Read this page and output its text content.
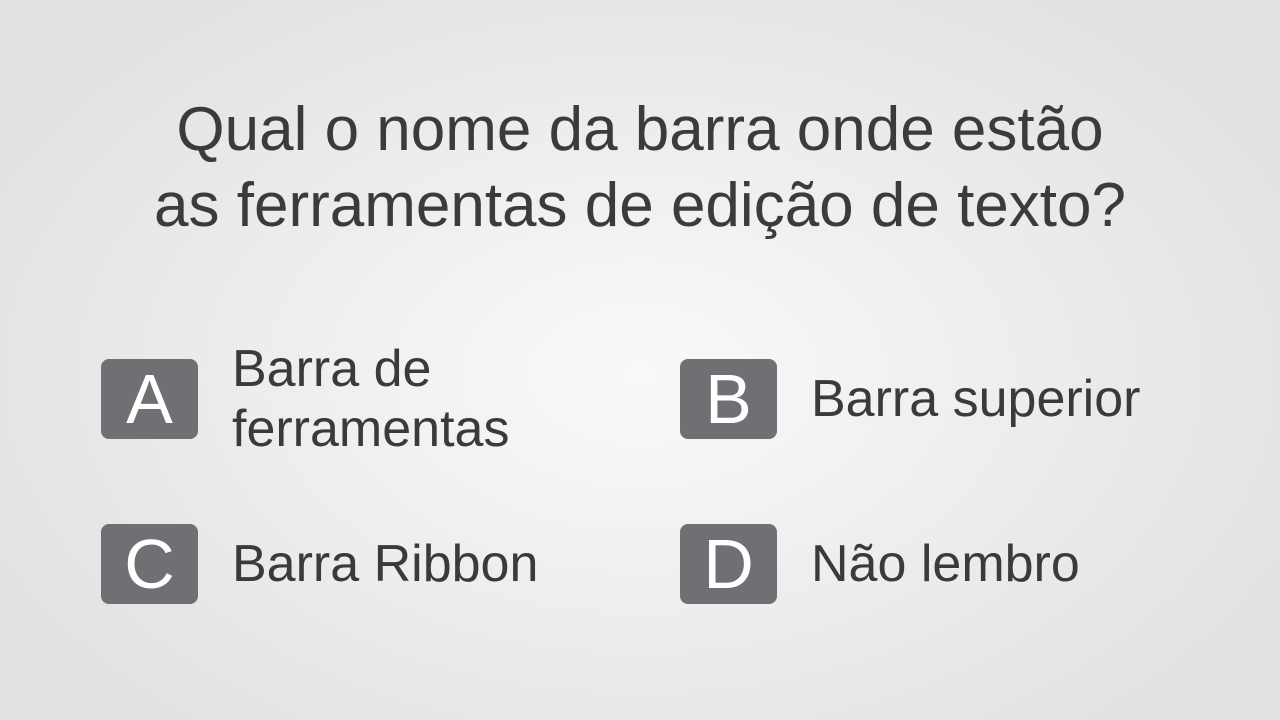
Qual o nome da barra onde estão
as ferramentas de edição de texto?
A	Barra de
ferramentas	B	Barra superior
C	Barra Ribbon	D	Não lembro
